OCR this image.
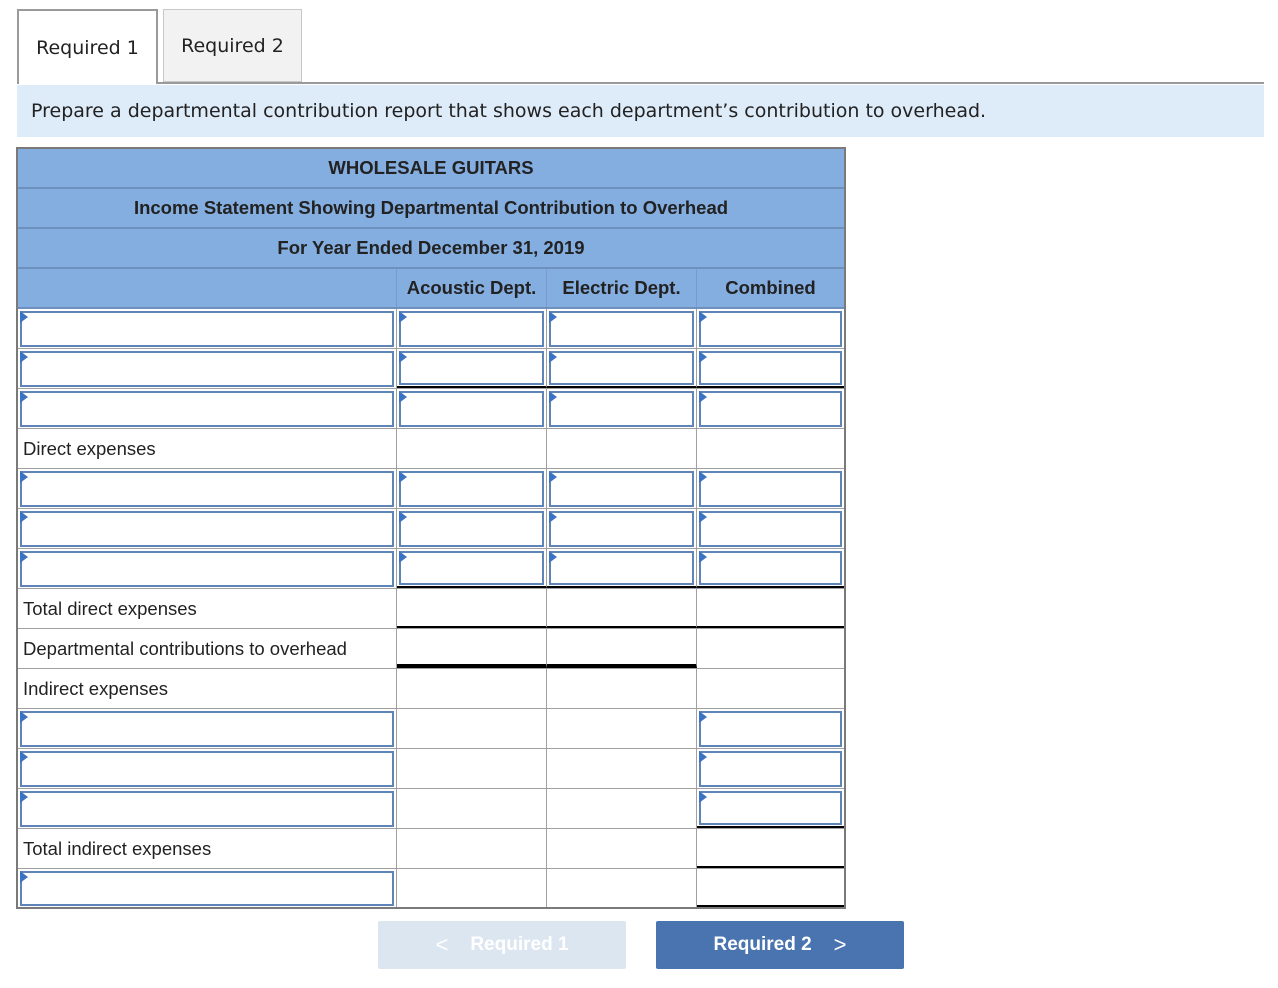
Required 1	Required 2
Prepare a departmental contribution report that shows each department’s contribution to overhead.
WHOLESALE GUITARS
Income Statement Showing Departmental Contribution to Overhead
For Year Ended December 31, 2019
Acoustic Dept.	Electric Dept.	Combined
Direct expenses
Total direct expenses
Departmental contributions to overhead
Indirect expenses
Total indirect expenses
< Required 1	Required 2 >
